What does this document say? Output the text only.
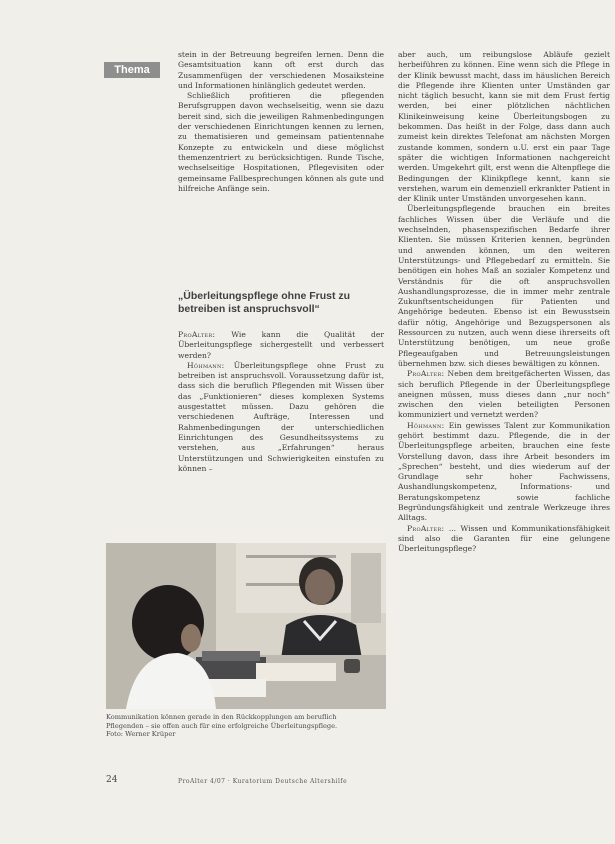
Thema

stein in der Betreuung begreifen lernen. Denn die Gesamtsituation kann oft erst durch das Zusammenfügen der verschiedenen Mosaiksteine und Informationen hinlänglich gedeutet werden.

Schließlich profitieren die pflegenden Berufsgruppen davon wechselseitig, wenn sie dazu bereit sind, sich die jeweiligen Rahmenbedingungen der verschiedenen Einrichtungen kennen zu lernen, zu thematisieren und gemeinsam patientennahe Konzepte zu entwickeln und diese möglichst themenzentriert zu berücksichtigen. Runde Tische, wechselseitige Hospitationen, Pflegevisiten oder gemeinsame Fallbesprechungen können als gute und hilfreiche Anfänge sein.

„Überleitungspflege ohne Frust zu betreiben ist anspruchsvoll“

ProAlter: Wie kann die Qualität der Überleitungspflege sichergestellt und verbessert werden?

Höhmann: Überleitungspflege ohne Frust zu betreiben ist anspruchsvoll. Voraussetzung dafür ist, dass sich die beruflich Pflegenden mit Wissen über das „Funktionieren“ dieses komplexen Systems ausgestattet müssen. Dazu gehören die verschiedenen Aufträge, Interessen und Rahmenbedingungen der unterschiedlichen Einrichtungen des Gesundheitssystems zu verstehen, aus „Erfahrungen“ heraus Unterstützungen und Schwierigkeiten einstufen zu können –

aber auch, um reibungslose Abläufe gezielt herbeiführen zu können. Eine wenn sich die Pflege in der Klinik bewusst macht, dass im häuslichen Bereich die Pflegende ihre Klienten unter Umständen gar nicht täglich besucht, kann sie mit dem Frust fertig werden, bei einer plötzlichen nächtlichen Klinikeinweisung keine Überleitungsbogen zu bekommen. Das heißt in der Folge, dass dann auch zumeist kein direktes Telefonat am nächsten Morgen zustande kommen, sondern u.U. erst ein paar Tage später die wichtigen Informationen nachgereicht werden. Umgekehrt gilt, erst wenn die Altenpflege die Bedingungen der Klinikpflege kennt, kann sie verstehen, warum ein demenziell erkrankter Patient in der Klinik unter Umständen unvorgesehen kann.

Überleitungspflegende brauchen ein breites fachliches Wissen über die Verläufe und die wechselnden, phasenspezifischen Bedarfe ihrer Klienten. Sie müssen Kriterien kennen, begründen und anwenden können, um den weiteren Unterstützungs- und Pflegebedarf zu ermitteln. Sie benötigen ein hohes Maß an sozialer Kompetenz und Verständnis für die oft anspruchsvollen Aushandlungsprozesse, die in immer mehr zentrale Zukunftsentscheidungen für Patienten und Angehörige bedeuten. Ebenso ist ein Bewusstsein dafür nötig, Angehörige und Bezugspersonen als Ressourcen zu nutzen, auch wenn diese ihrerseits oft Unterstützung benötigen, um neue große Pflegeaufgaben und Betreuungsleistungen übernehmen bzw. sich dieses bewältigen zu können.

ProAlter: Neben dem breitgefächerten Wissen, das sich beruflich Pflegende in der Überleitungspflege aneignen müssen, muss dieses dann „nur noch“ zwischen den vielen beteiligten Personen kommuniziert und vernetzt werden?

Höhmann: Ein gewisses Talent zur Kommunikation gehört bestimmt dazu. Pflegende, die in der Überleitungspflege arbeiten, brauchen eine feste Vorstellung davon, dass ihre Arbeit besonders im „Sprechen“ besteht, und dies wiederum auf der Grundlage sehr hoher Fachwissens, Aushandlungskompetenz, Informations- und Beratungskompetenz sowie fachliche Begründungsfähigkeit und zentrale Werkzeuge ihres Alltags.

ProAlter: ... Wissen und Kommunikationsfähigkeit sind also die Garanten für eine gelungene Überleitungspflege?

Kommunikation können gerade in den Rückkopplungen am beruflich Pflegenden – sie offen auch für eine erfolgreiche Überleitungspflege. Foto: Werner Krüper
24	ProAlter 4/07 · Kuratorium Deutsche Altershilfe
